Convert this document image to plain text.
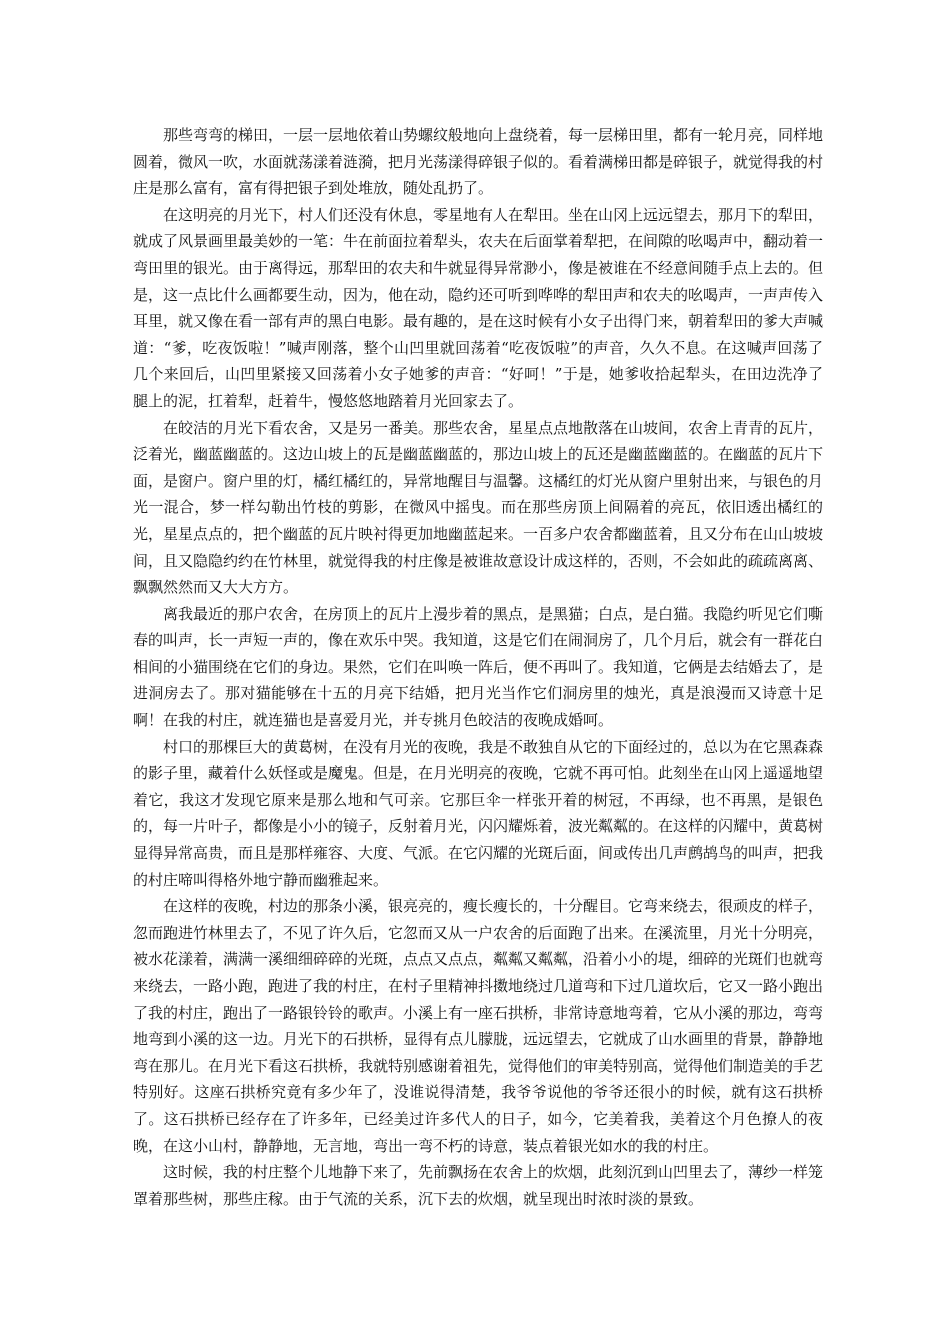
那些弯弯的梯田，一层一层地依着山势螺纹般地向上盘绕着，每一层梯田里，都有一轮月亮，同样地圆着，微风一吹，水面就荡漾着涟漪，把月光荡漾得碎银子似的。看着满梯田都是碎银子，就觉得我的村庄是那么富有，富有得把银子到处堆放，随处乱扔了。

在这明亮的月光下，村人们还没有休息，零星地有人在犁田。坐在山冈上远远望去，那月下的犁田，就成了风景画里最美妙的一笔：牛在前面拉着犁头，农夫在后面掌着犁把，在间隙的吆喝声中，翻动着一弯田里的银光。由于离得远，那犁田的农夫和牛就显得异常渺小，像是被谁在不经意间随手点上去的。但是，这一点比什么画都要生动，因为，他在动，隐约还可听到哗哗的犁田声和农夫的吆喝声，一声声传入耳里，就又像在看一部有声的黑白电影。最有趣的，是在这时候有小女子出得门来，朝着犁田的爹大声喊道：“爹，吃夜饭啦！”喊声刚落，整个山凹里就回荡着“吃夜饭啦”的声音，久久不息。在这喊声回荡了几个来回后，山凹里紧接又回荡着小女子她爹的声音：“好呵！”于是，她爹收拾起犁头，在田边洗净了腿上的泥，扛着犁，赶着牛，慢悠悠地踏着月光回家去了。

在皎洁的月光下看农舍，又是另一番美。那些农舍，星星点点地散落在山坡间，农舍上青青的瓦片，泛着光，幽蓝幽蓝的。这边山坡上的瓦是幽蓝幽蓝的，那边山坡上的瓦还是幽蓝幽蓝的。在幽蓝的瓦片下面，是窗户。窗户里的灯，橘红橘红的，异常地醒目与温馨。这橘红的灯光从窗户里射出来，与银色的月光一混合，梦一样勾勒出竹枝的剪影，在微风中摇曳。而在那些房顶上间隔着的亮瓦，依旧透出橘红的光，星星点点的，把个幽蓝的瓦片映衬得更加地幽蓝起来。一百多户农舍都幽蓝着，且又分布在山山坡坡间，且又隐隐约约在竹林里，就觉得我的村庄像是被谁故意设计成这样的，否则，不会如此的疏疏离离、飘飘然然而又大大方方。

离我最近的那户农舍，在房顶上的瓦片上漫步着的黑点，是黑猫；白点，是白猫。我隐约听见它们嘶春的叫声，长一声短一声的，像在欢乐中哭。我知道，这是它们在闹洞房了，几个月后，就会有一群花白相间的小猫围绕在它们的身边。果然，它们在叫唤一阵后，便不再叫了。我知道，它俩是去结婚去了，是进洞房去了。那对猫能够在十五的月亮下结婚，把月光当作它们洞房里的烛光，真是浪漫而又诗意十足啊！在我的村庄，就连猫也是喜爱月光，并专挑月色皎洁的夜晚成婚呵。

村口的那棵巨大的黄葛树，在没有月光的夜晚，我是不敢独自从它的下面经过的，总以为在它黑森森的影子里，藏着什么妖怪或是魔鬼。但是，在月光明亮的夜晚，它就不再可怕。此刻坐在山冈上遥遥地望着它，我这才发现它原来是那么地和气可亲。它那巨伞一样张开着的树冠，不再绿，也不再黑，是银色的，每一片叶子，都像是小小的镜子，反射着月光，闪闪耀烁着，波光粼粼的。在这样的闪耀中，黄葛树显得异常高贵，而且是那样雍容、大度、气派。在它闪耀的光斑后面，间或传出几声鹧鸪鸟的叫声，把我的村庄啼叫得格外地宁静而幽雅起来。

在这样的夜晚，村边的那条小溪，银亮亮的，瘦长瘦长的，十分醒目。它弯来绕去，很顽皮的样子，忽而跑进竹林里去了，不见了许久后，它忽而又从一户农舍的后面跑了出来。在溪流里，月光十分明亮，被水花漾着，满满一溪细细碎碎的光斑，点点又点点，粼粼又粼粼，沿着小小的堤，细碎的光斑们也就弯来绕去，一路小跑，跑进了我的村庄，在村子里精神抖擞地绕过几道弯和下过几道坎后，它又一路小跑出了我的村庄，跑出了一路银铃铃的歌声。小溪上有一座石拱桥，非常诗意地弯着，它从小溪的那边，弯弯地弯到小溪的这一边。月光下的石拱桥，显得有点儿朦胧，远远望去，它就成了山水画里的背景，静静地弯在那儿。在月光下看这石拱桥，我就特别感谢着祖先，觉得他们的审美特别高，觉得他们制造美的手艺特别好。这座石拱桥究竟有多少年了，没谁说得清楚，我爷爷说他的爷爷还很小的时候，就有这石拱桥了。这石拱桥已经存在了许多年，已经美过许多代人的日子，如今，它美着我，美着这个月色撩人的夜晚，在这小山村，静静地，无言地，弯出一弯不朽的诗意，装点着银光如水的我的村庄。

这时候，我的村庄整个儿地静下来了，先前飘扬在农舍上的炊烟，此刻沉到山凹里去了，薄纱一样笼罩着那些树，那些庄稼。由于气流的关系，沉下去的炊烟，就呈现出时浓时淡的景致。
